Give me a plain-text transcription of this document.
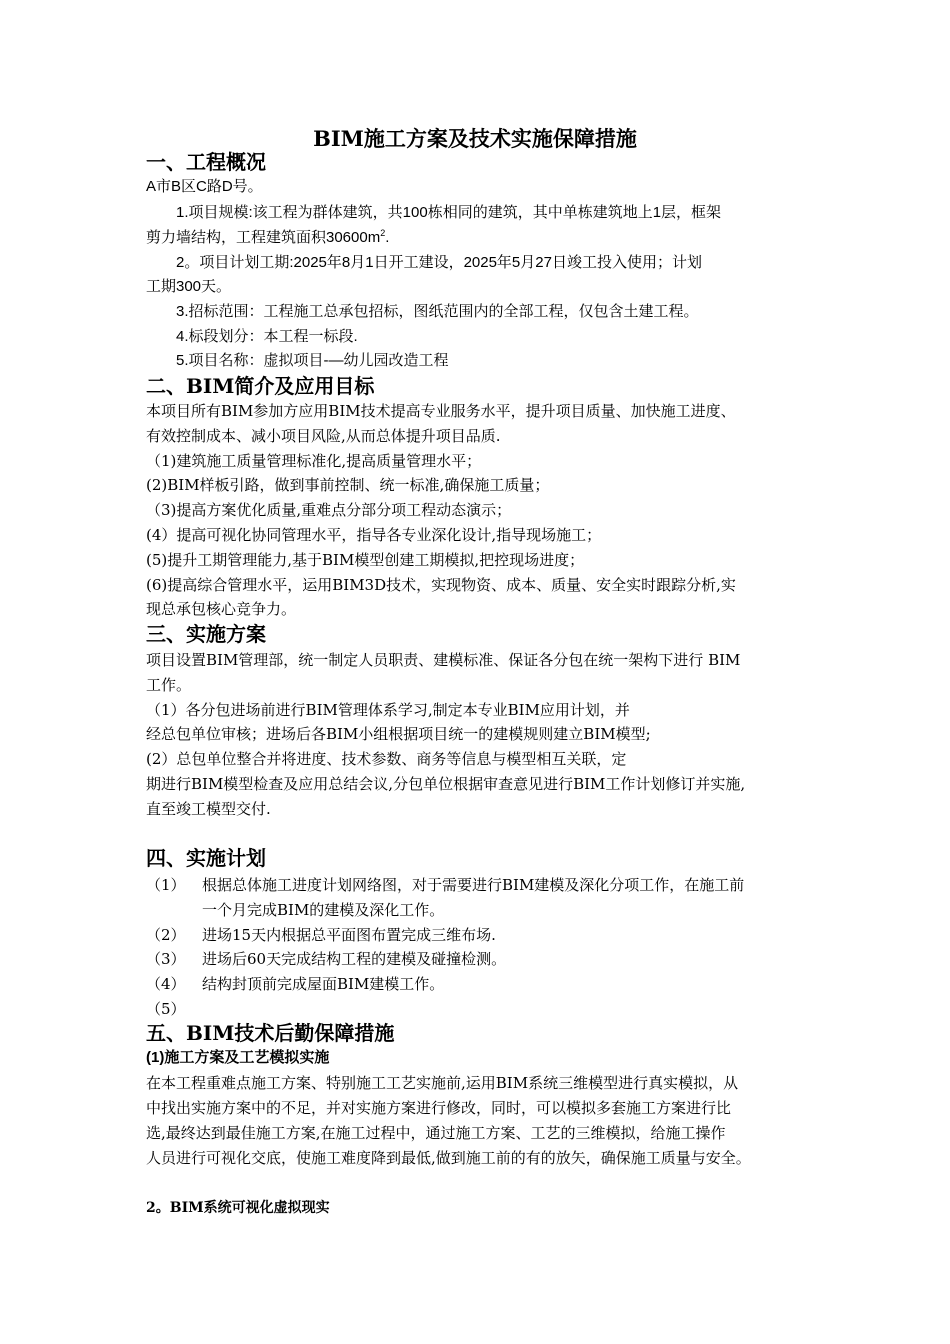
BIM施工方案及技术实施保障措施
一、工程概况
A市B区C路D号。
1.项目规模:该工程为群体建筑，共100栋相同的建筑，其中单栋建筑地上1层，框架
剪力墙结构，工程建筑面积$30600m^2$.
2。项目计划工期:2025年8月1日开工建设，2025年5月27日竣工投入使用；计划
工期300天。
3.招标范围：工程施工总承包招标，图纸范围内的全部工程，仅包含土建工程。
4.标段划分：本工程一标段.
5.项目名称：虚拟项目-—幼儿园改造工程
二、BIM简介及应用目标
本项目所有BIM参加方应用BIM技术提高专业服务水平，提升项目质量、加快施工进度、
有效控制成本、减小项目风险,从而总体提升项目品质.
（1)建筑施工质量管理标准化,提高质量管理水平；
(2)BIM样板引路，做到事前控制、统一标准,确保施工质量；
（3)提高方案优化质量,重难点分部分项工程动态演示；
(4）提高可视化协同管理水平，指导各专业深化设计,指导现场施工；
(5)提升工期管理能力,基于BIM模型创建工期模拟,把控现场进度；
(6)提高综合管理水平，运用BIM3D技术，实现物资、成本、质量、安全实时跟踪分析,实
现总承包核心竞争力。
三、实施方案
项目设置BIM管理部，统一制定人员职责、建模标准、保证各分包在统一架构下进行 BIM
工作。
（1）各分包进场前进行BIM管理体系学习,制定本专业BIM应用计划，并
经总包单位审核；进场后各BIM小组根据项目统一的建模规则建立BIM模型;
(2）总包单位整合并将进度、技术参数、商务等信息与模型相互关联，定
期进行BIM模型检查及应用总结会议,分包单位根据审查意见进行BIM工作计划修订并实施,
直至竣工模型交付.
四、实施计划
（1） 根据总体施工进度计划网络图，对于需要进行BIM建模及深化分项工作，在施工前
一个月完成BIM的建模及深化工作。
（2） 进场15天内根据总平面图布置完成三维布场.
（3） 进场后60天完成结构工程的建模及碰撞检测。
（4） 结构封顶前完成屋面BIM建模工作。
（5）
五、BIM技术后勤保障措施
(1)施工方案及工艺模拟实施
在本工程重难点施工方案、特别施工工艺实施前,运用BIM系统三维模型进行真实模拟，从
中找出实施方案中的不足，并对实施方案进行修改，同时，可以模拟多套施工方案进行比
选,最终达到最佳施工方案,在施工过程中，通过施工方案、工艺的三维模拟，给施工操作
人员进行可视化交底，使施工难度降到最低,做到施工前的有的放矢，确保施工质量与安全。
2。BIM系统可视化虚拟现实
